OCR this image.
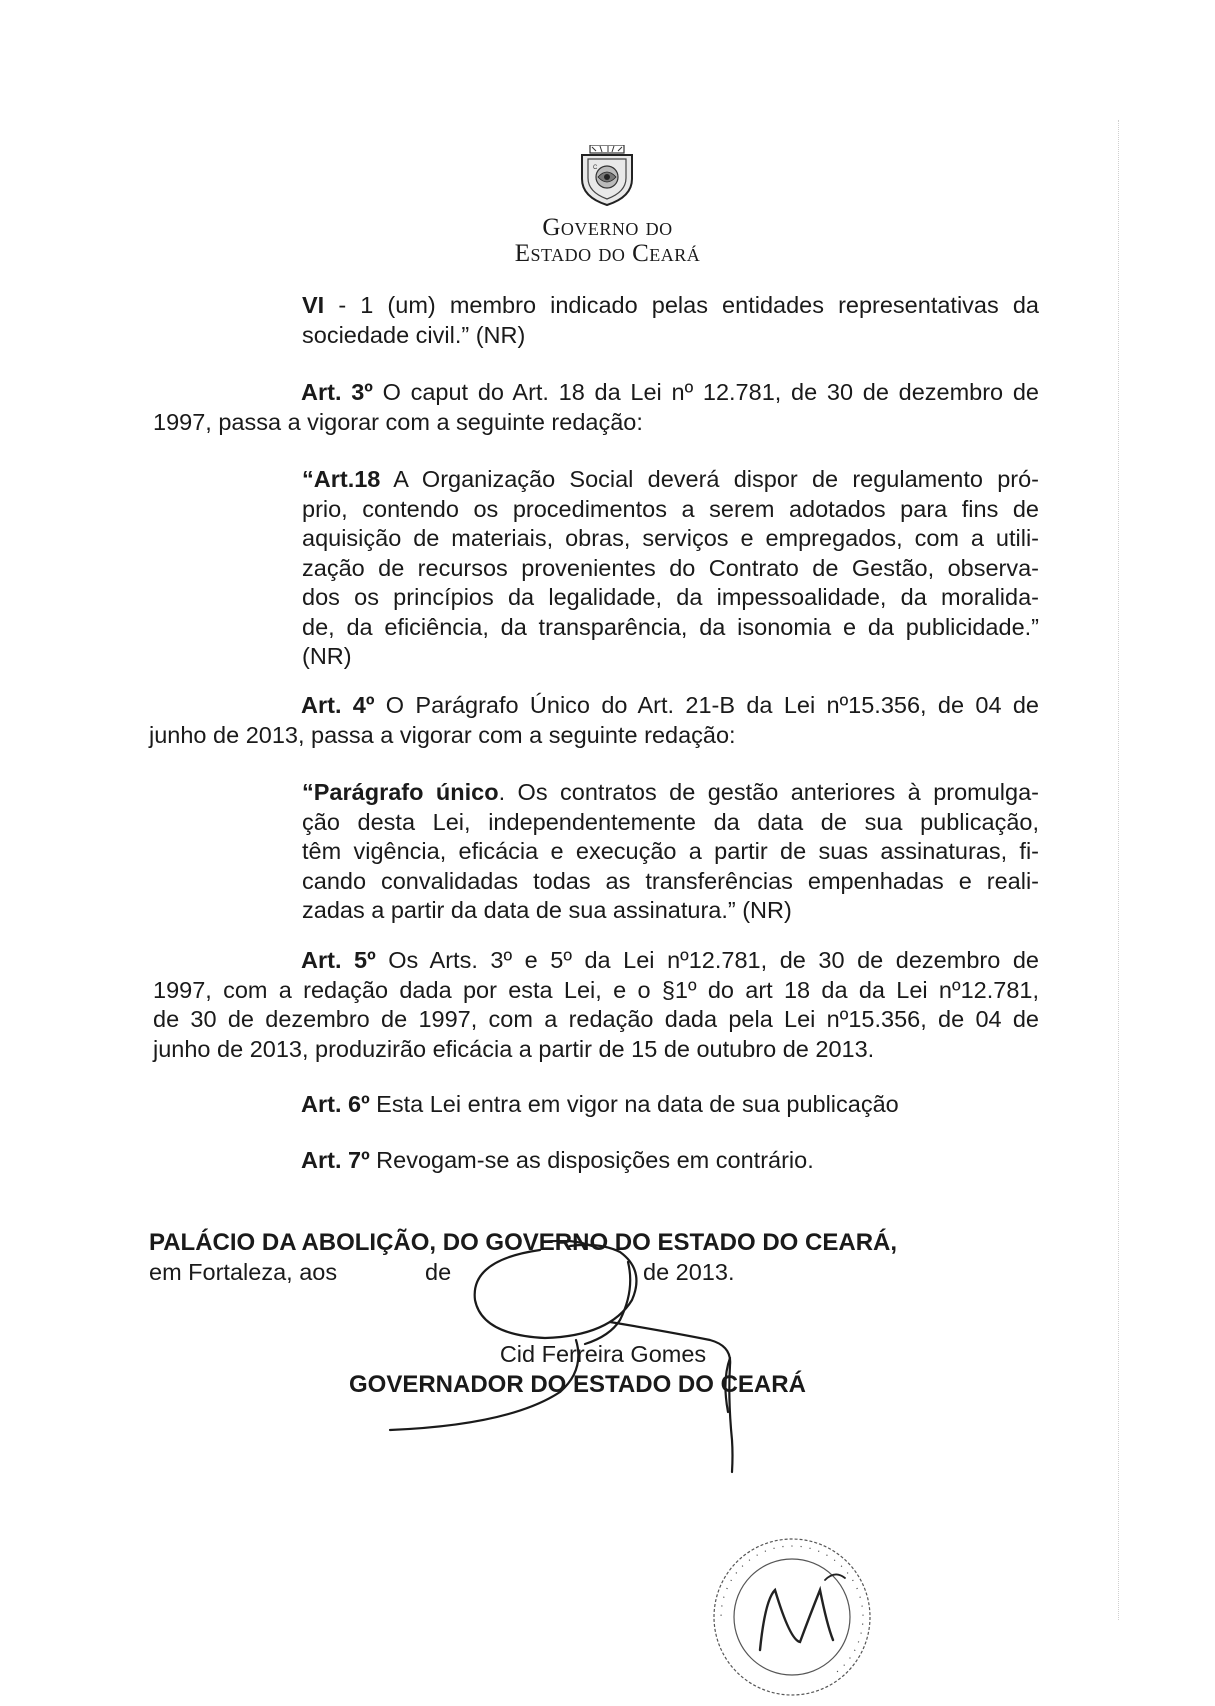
C
Governo do
Estado do Ceará
VI - 1 (um) membro indicado pelas entidades representativas da
sociedade civil.” (NR)
Art. 3º O caput do Art. 18 da Lei nº 12.781, de 30 de dezembro de
1997, passa a vigorar com a seguinte redação:
“Art.18 A Organização Social deverá dispor de regulamento pró-
prio, contendo os procedimentos a serem adotados para fins de
aquisição de materiais, obras, serviços e empregados, com a utili-
zação de recursos provenientes do Contrato de Gestão, observa-
dos os princípios da legalidade, da impessoalidade, da moralida-
de, da eficiência, da transparência, da isonomia e da publicidade.”
(NR)
Art. 4º O Parágrafo Único do Art. 21-B da Lei nº15.356, de 04 de
junho de 2013, passa a vigorar com a seguinte redação:
“Parágrafo único. Os contratos de gestão anteriores à promulga-
ção desta Lei, independentemente da data de sua publicação,
têm vigência, eficácia e execução a partir de suas assinaturas, fi-
cando convalidadas todas as transferências empenhadas e reali-
zadas a partir da data de sua assinatura.” (NR)
Art. 5º Os Arts. 3º e 5º da Lei nº12.781, de 30 de dezembro de
1997, com a redação dada por esta Lei, e o §1º do art 18 da da Lei nº12.781,
de 30 de dezembro de 1997, com a redação dada pela Lei nº15.356, de 04 de
junho de 2013, produzirão eficácia a partir de 15 de outubro de 2013.
Art. 6º Esta Lei entra em vigor na data de sua publicação
Art. 7º Revogam-se as disposições em contrário.
PALÁCIO DA ABOLIÇÃO, DO GOVERNO DO ESTADO DO CEARÁ,
em Fortaleza, aos	de	de 2013.
Cid Ferreira Gomes
GOVERNADOR DO ESTADO DO CEARÁ
· · · · · · · · · · · · · · · · · · · · · · · · · · · · · · · ·
